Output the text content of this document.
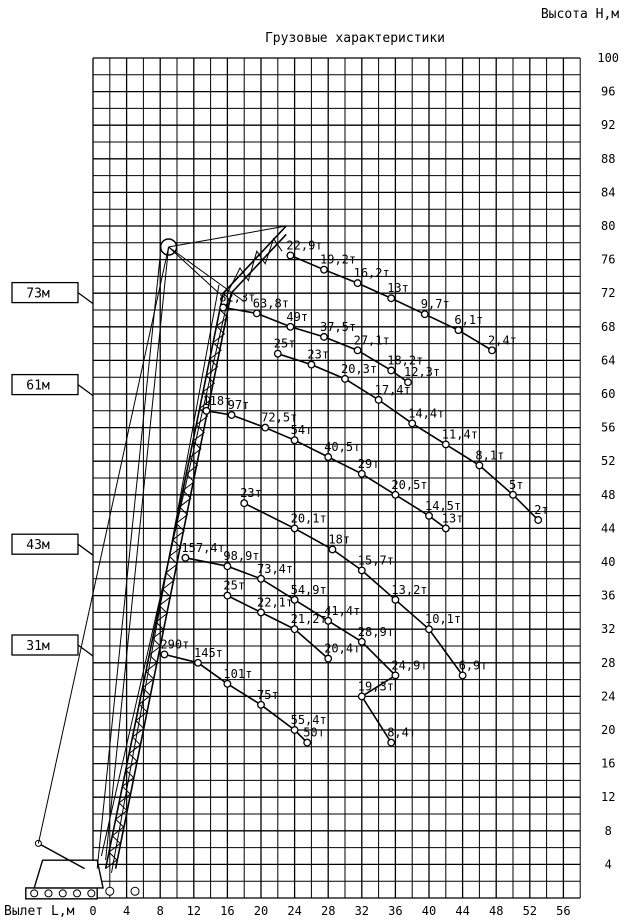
Грузовые характеристики
Высота Н,м
Вылет L,м
73м
61м
43м
31м
22,9т
19,2т
16,2т
13т
9,7т
6,1т
2,4т
82,3т
63,8т
49т
37,5т
27,1т
18,2т
12,3т
25т
23т
20,3т
17,4т
14,4т
11,4т
8,1т
5т
2т
118т
97т
72,5т
54т
40,5т
29т
20,5т
14,5т
13т
23т
20,1т
18т
15,7т
13,2т
10,1т
6,9т
157,4т
98,9т
73,4т
54,9т
41,4т
28,9т
24,9т
19,3т
8,4т
25т
22,1т
21,2т
20,4т
290т
145т
101т
75т
55,4т
50т
4
8
12
16
20
24
28
32
36
40
44
48
52
56
60
64
68
72
76
80
84
88
92
96
100
0 4 8 12 16 20 24 28 32 36 40 44 48 52 56
